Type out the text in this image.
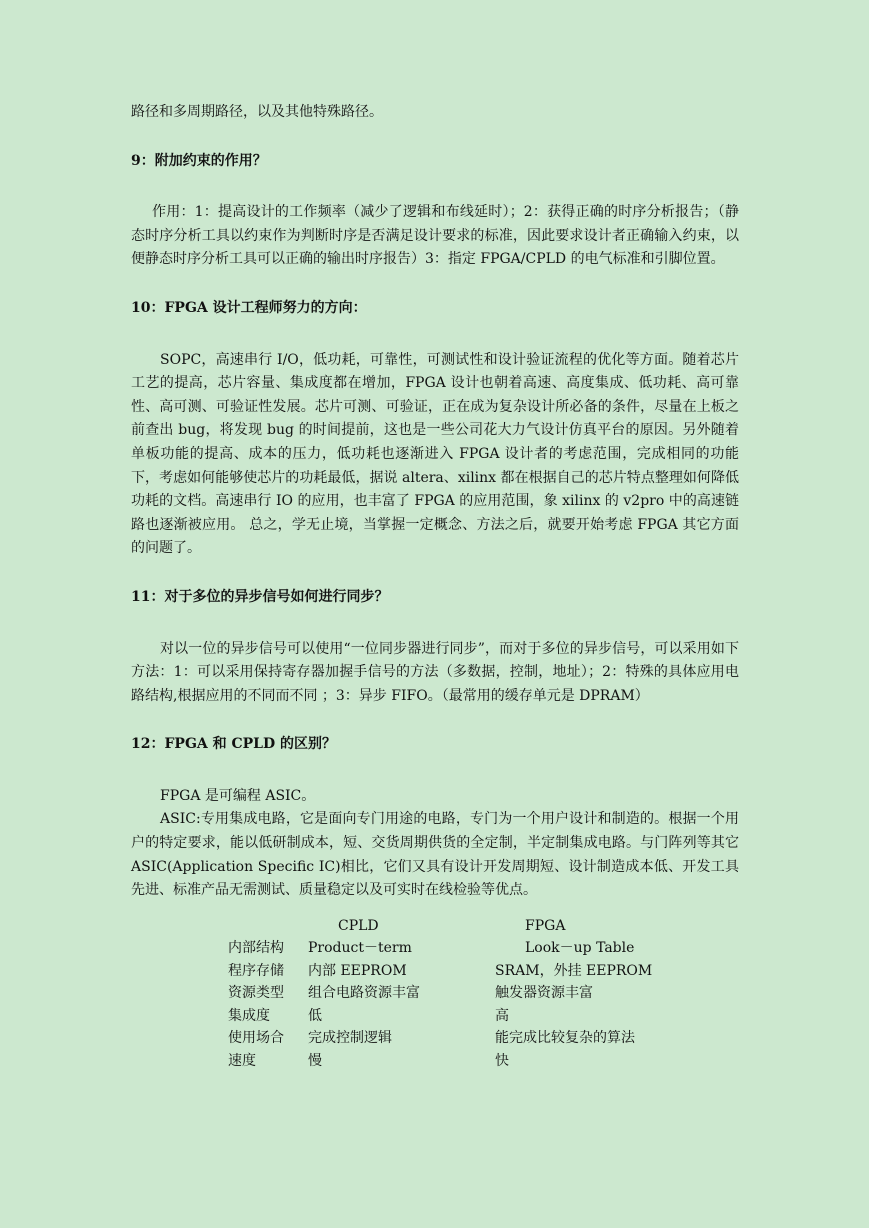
路径和多周期路径，以及其他特殊路径。

9：附加约束的作用？

作用：1：提高设计的工作频率（减少了逻辑和布线延时）；2：获得正确的时序分析报告；（静态时序分析工具以约束作为判断时序是否满足设计要求的标准，因此要求设计者正确输入约束，以便静态时序分析工具可以正确的输出时序报告）3：指定 FPGA/CPLD 的电气标准和引脚位置。

10：FPGA 设计工程师努力的方向：

SOPC，高速串行 I/O，低功耗，可靠性，可测试性和设计验证流程的优化等方面。随着芯片工艺的提高，芯片容量、集成度都在增加，FPGA 设计也朝着高速、高度集成、低功耗、高可靠性、高可测、可验证性发展。芯片可测、可验证，正在成为复杂设计所必备的条件，尽量在上板之前查出 bug，将发现 bug 的时间提前，这也是一些公司花大力气设计仿真平台的原因。另外随着单板功能的提高、成本的压力，低功耗也逐渐进入 FPGA 设计者的考虑范围，完成相同的功能下，考虑如何能够使芯片的功耗最低，据说 altera、xilinx 都在根据自己的芯片特点整理如何降低功耗的文档。高速串行 IO 的应用，也丰富了 FPGA 的应用范围，象 xilinx 的 v2pro 中的高速链路也逐渐被应用。 总之，学无止境，当掌握一定概念、方法之后，就要开始考虑 FPGA 其它方面的问题了。

11：对于多位的异步信号如何进行同步？

对以一位的异步信号可以使用“一位同步器进行同步”，而对于多位的异步信号，可以采用如下方法：1：可以采用保持寄存器加握手信号的方法（多数据，控制，地址）；2：特殊的具体应用电路结构,根据应用的不同而不同 ；3：异步 FIFO。（最常用的缓存单元是 DPRAM）

12：FPGA 和 CPLD 的区别？

FPGA 是可编程 ASIC。

ASIC:专用集成电路，它是面向专门用途的电路，专门为一个用户设计和制造的。根据一个用户的特定要求，能以低研制成本，短、交货周期供货的全定制，半定制集成电路。与门阵列等其它 ASIC(Application Specific IC)相比，它们又具有设计开发周期短、设计制造成本低、开发工具先进、标准产品无需测试、质量稳定以及可实时在线检验等优点。

	CPLD	FPGA
内部结构	Product－term	Look－up Table
程序存储	内部 EEPROM	SRAM，外挂 EEPROM
资源类型	组合电路资源丰富	触发器资源丰富
集成度	低	高
使用场合	完成控制逻辑	能完成比较复杂的算法
速度	慢	快
